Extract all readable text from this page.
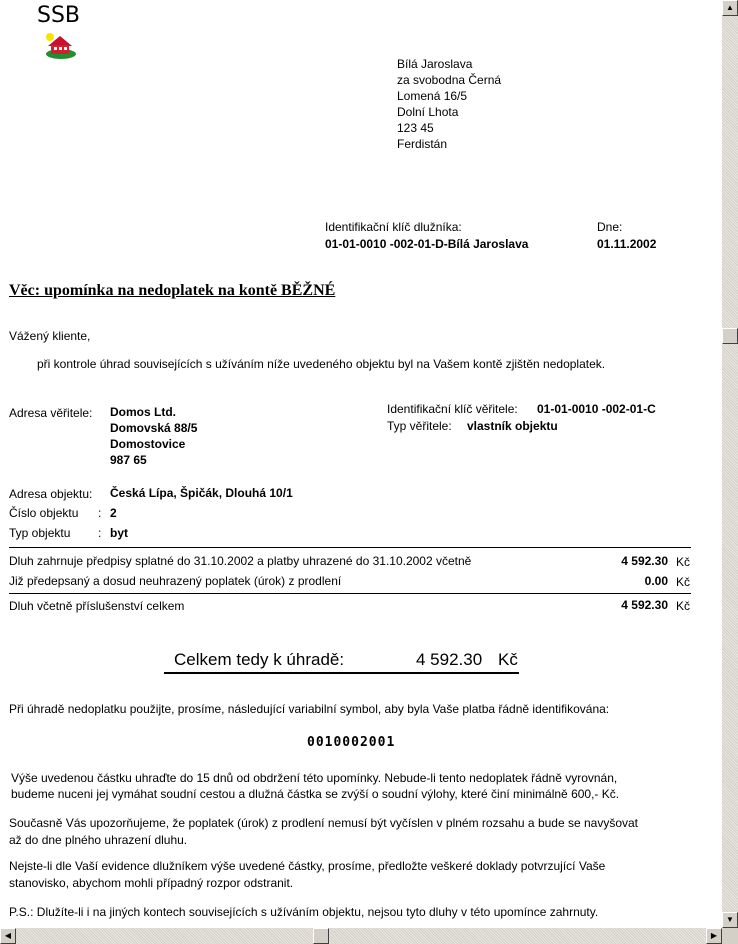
SSB
Bílá Jaroslava
za svobodna Černá
Lomená 16/5
Dolní Lhota
123 45
Ferdistán
Identifikační klíč dlužníka:
01-01-0010 -002-01-D-Bílá Jaroslava
Dne:
01.11.2002
Věc: upomínka na nedoplatek na kontě BĚŽNÉ
Vážený kliente,
při kontrole úhrad souvisejících s užíváním níže uvedeného objektu byl na Vašem kontě zjištěn nedoplatek.
Adresa věřitele: Domos Ltd.
Domovská 88/5
Domostovice
987 65
Identifikační klíč věřitele: 01-01-0010 -002-01-C
Typ věřitele: vlastník objektu
Adresa objektu: Česká Lípa, Špičák, Dlouhá 10/1
Číslo objektu : 2
Typ objektu : byt
Dluh zahrnuje předpisy splatné do 31.10.2002 a platby uhrazené do 31.10.2002 včetně	4 592.30 Kč
Již předepsaný a dosud neuhrazený poplatek (úrok) z prodlení	0.00 Kč
Dluh včetně příslušenství celkem	4 592.30 Kč
Celkem tedy k úhradě:	4 592.30 Kč
Při úhradě nedoplatku použijte, prosíme, následující variabilní symbol, aby byla Vaše platba řádně identifikována:
0010002001
Výše uvedenou částku uhraďte do 15 dnů od obdržení této upomínky. Nebude-li tento nedoplatek řádně vyrovnán,
budeme nuceni jej vymáhat soudní cestou a dlužná částka se zvýší o soudní výlohy, které činí minimálně 600,- Kč.
Současně Vás upozorňujeme, že poplatek (úrok) z prodlení nemusí být vyčíslen v plném rozsahu a bude se navyšovat
až do dne plného uhrazení dluhu.
Nejste-li dle Vaší evidence dlužníkem výše uvedené částky, prosíme, předložte veškeré doklady potvrzující Vaše
stanovisko, abychom mohli případný rozpor odstranit.
P.S.: Dlužíte-li i na jiných kontech souvisejících s užíváním objektu, nejsou tyto dluhy v této upomínce zahrnuty.
▲
▼
◀	▶
